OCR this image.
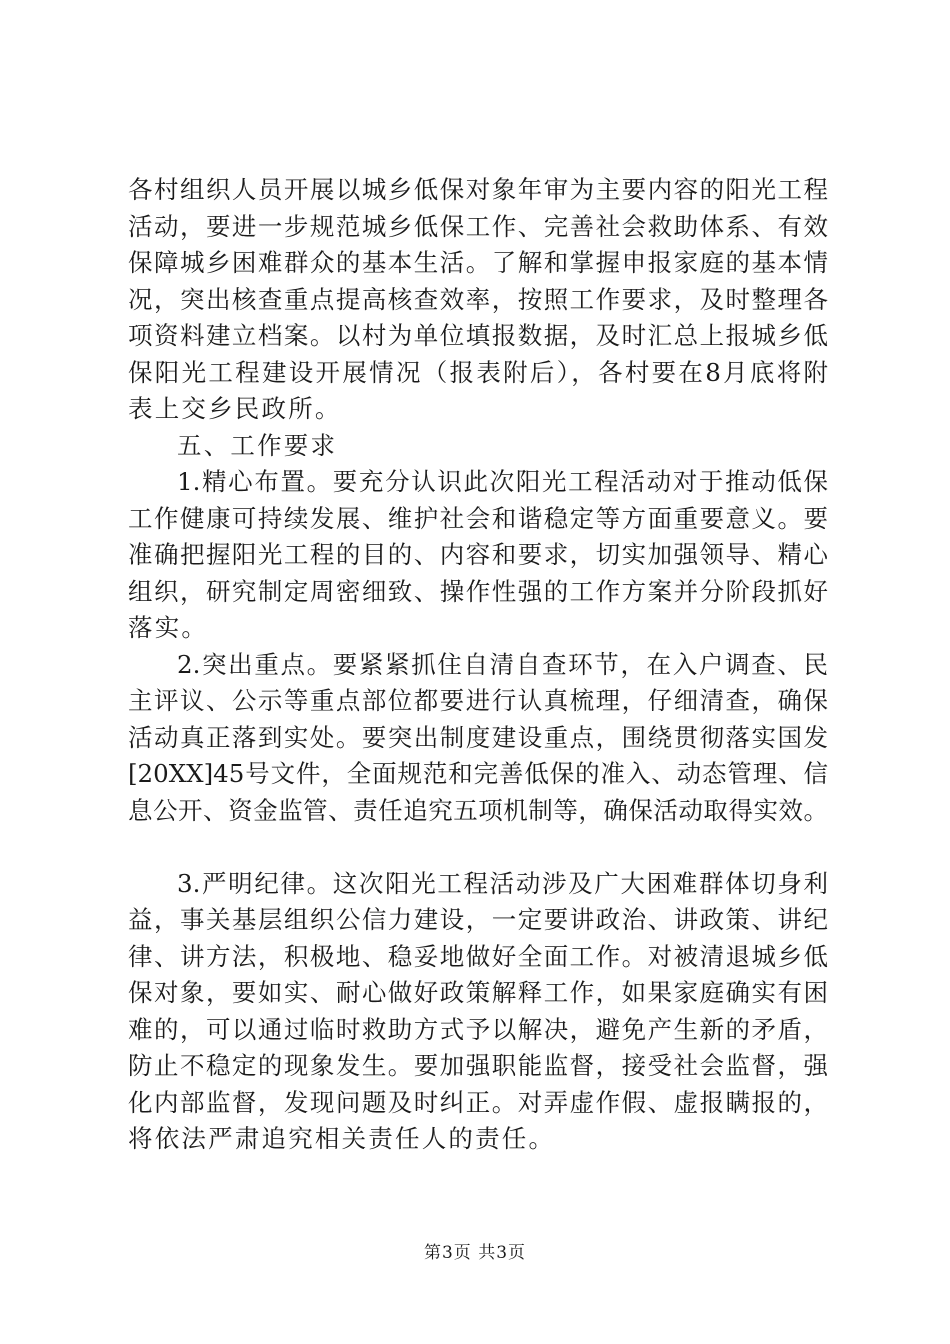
各村组织人员开展以城乡低保对象年审为主要内容的阳光工程
活动，要进一步规范城乡低保工作、完善社会救助体系、有效
保障城乡困难群众的基本生活。了解和掌握申报家庭的基本情
况，突出核查重点提高核查效率，按照工作要求，及时整理各
项资料建立档案。以村为单位填报数据，及时汇总上报城乡低
保阳光工程建设开展情况（报表附后），各村要在8月底将附
表上交乡民政所。
五、工作要求
1.精心布置。要充分认识此次阳光工程活动对于推动低保
工作健康可持续发展、维护社会和谐稳定等方面重要意义。要
准确把握阳光工程的目的、内容和要求，切实加强领导、精心
组织，研究制定周密细致、操作性强的工作方案并分阶段抓好
落实。
2.突出重点。要紧紧抓住自清自查环节，在入户调查、民
主评议、公示等重点部位都要进行认真梳理，仔细清查，确保
活动真正落到实处。要突出制度建设重点，围绕贯彻落实国发
[20XX]45号文件，全面规范和完善低保的准入、动态管理、信
息公开、资金监管、责任追究五项机制等，确保活动取得实效。
3.严明纪律。这次阳光工程活动涉及广大困难群体切身利
益，事关基层组织公信力建设，一定要讲政治、讲政策、讲纪
律、讲方法，积极地、稳妥地做好全面工作。对被清退城乡低
保对象，要如实、耐心做好政策解释工作，如果家庭确实有困
难的，可以通过临时救助方式予以解决，避免产生新的矛盾，
防止不稳定的现象发生。要加强职能监督，接受社会监督，强
化内部监督，发现问题及时纠正。对弄虚作假、虚报瞒报的，
将依法严肃追究相关责任人的责任。
第3页 共3页
